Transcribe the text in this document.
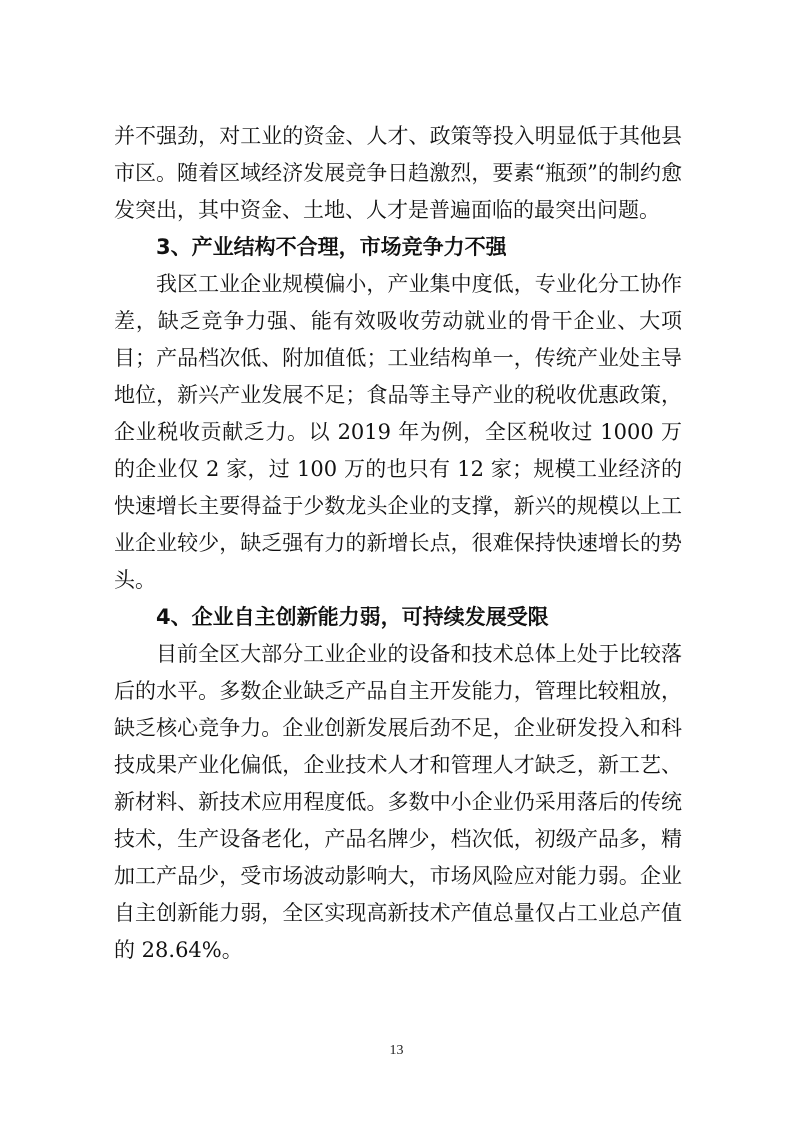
并不强劲，对工业的资金、人才、政策等投入明显低于其他县市区。随着区域经济发展竞争日趋激烈，要素“瓶颈”的制约愈发突出，其中资金、土地、人才是普遍面临的最突出问题。

3、产业结构不合理，市场竞争力不强

我区工业企业规模偏小，产业集中度低，专业化分工协作差，缺乏竞争力强、能有效吸收劳动就业的骨干企业、大项目；产品档次低、附加值低；工业结构单一，传统产业处主导地位，新兴产业发展不足；食品等主导产业的税收优惠政策，企业税收贡献乏力。以 2019 年为例，全区税收过 1000 万的企业仅 2 家，过 100 万的也只有 12 家；规模工业经济的快速增长主要得益于少数龙头企业的支撑，新兴的规模以上工业企业较少，缺乏强有力的新增长点，很难保持快速增长的势头。

4、企业自主创新能力弱，可持续发展受限

目前全区大部分工业企业的设备和技术总体上处于比较落后的水平。多数企业缺乏产品自主开发能力，管理比较粗放，缺乏核心竞争力。企业创新发展后劲不足，企业研发投入和科技成果产业化偏低，企业技术人才和管理人才缺乏，新工艺、新材料、新技术应用程度低。多数中小企业仍采用落后的传统技术，生产设备老化，产品名牌少，档次低，初级产品多，精加工产品少，受市场波动影响大，市场风险应对能力弱。企业自主创新能力弱，全区实现高新技术产值总量仅占工业总产值的 28.64%。

13
